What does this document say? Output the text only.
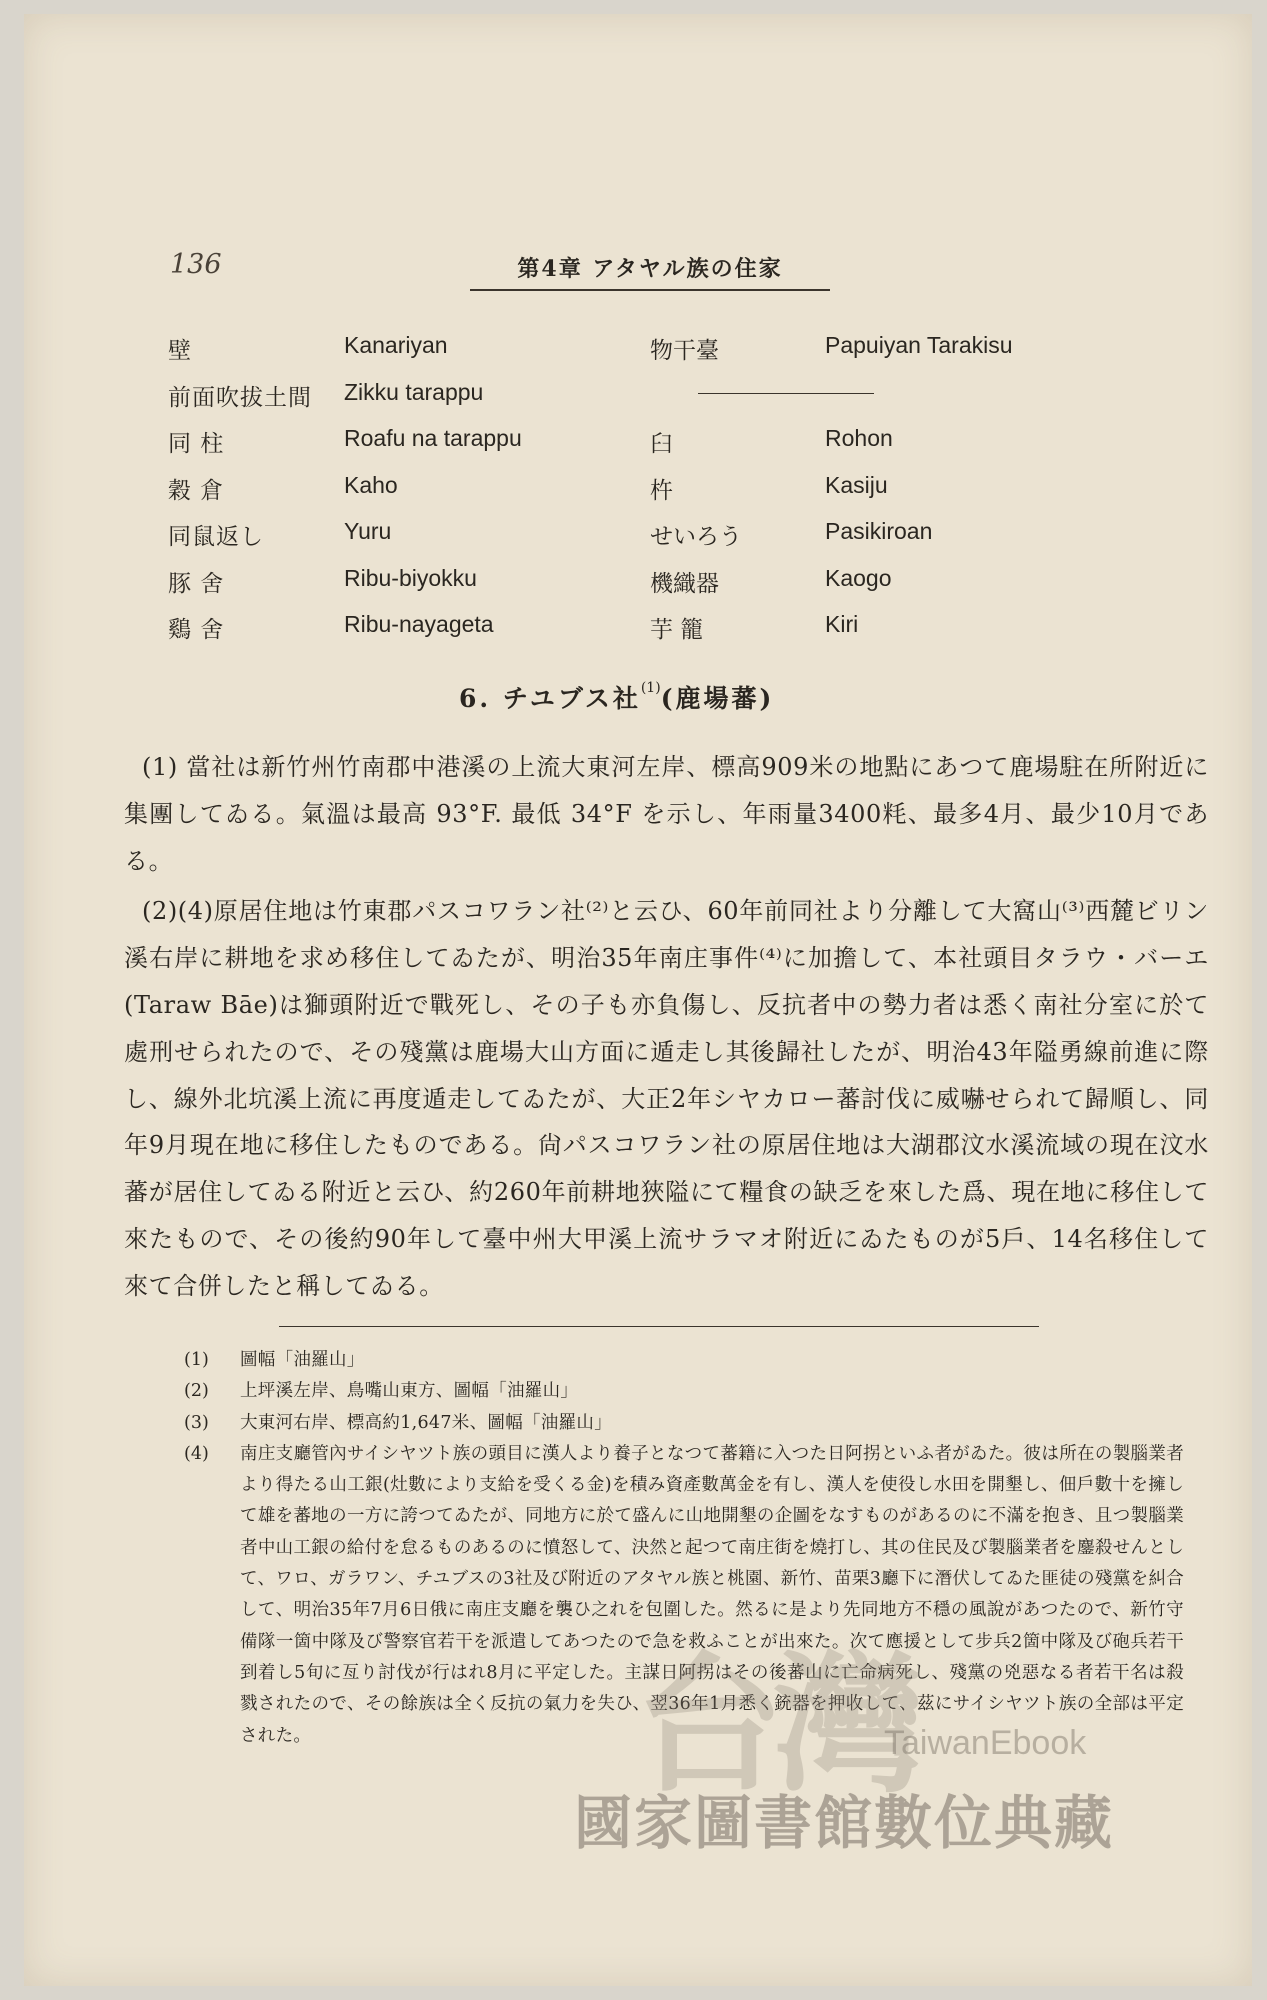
136	第4章 アタヤル族の住家
壁	Kanariyan	物干臺	Papuiyan Tarakisu
前面吹拔土間 Zikku tarappu
同 柱	Roafu na tarappu	臼	Rohon
穀 倉	Kaho	杵	Kasiju
同鼠返し	Yuru	せいろう	Pasikiroan
豚 舍	Ribu-biyokku	機織器	Kaogo
鷄 舍	Ribu-nayageta	芋 籠	Kiri
6. チユブス社$^{(1)}$(鹿場蕃)

(1) 當社は新竹州竹南郡中港溪の上流大東河左岸、標高909米の地點にあつて鹿場駐在所附近に集團してゐる。氣溫は最高 93°F. 最低 34°F を示し、年雨量3400粍、最多4月、最少10月である。

(2)(4)原居住地は竹東郡パスコワラン社⁽²⁾と云ひ、60年前同社より分離して大窩山⁽³⁾西麓ビリン溪右岸に耕地を求め移住してゐたが、明治35年南庄事件⁽⁴⁾に加擔して、本社頭目タラウ・バーエ(Taraw Bāe)は獅頭附近で戰死し、その子も亦負傷し、反抗者中の勢力者は悉く南社分室に於て處刑せられたので、その殘黨は鹿場大山方面に遁走し其後歸社したが、明治43年隘勇線前進に際し、線外北坑溪上流に再度遁走してゐたが、大正2年シヤカロー蕃討伐に威嚇せられて歸順し、同年9月現在地に移住したものである。尙パスコワラン社の原居住地は大湖郡汶水溪流域の現在汶水蕃が居住してゐる附近と云ひ、約260年前耕地狹隘にて糧食の缺乏を來した爲、現在地に移住して來たもので、その後約90年して臺中州大甲溪上流サラマオ附近にゐたものが5戶、14名移住して來て合併したと稱してゐる。

(1) 圖幅「油羅山」
(2) 上坪溪左岸、鳥嘴山東方、圖幅「油羅山」
(3) 大東河右岸、標高約1,647米、圖幅「油羅山」
(4) 南庄支廳管內サイシヤツト族の頭目に漢人より養子となつて蕃籍に入つた日阿拐といふ者がゐた。彼は所在の製腦業者より得たる山工銀(灶數により支給を受くる金)を積み資產數萬金を有し、漢人を使役し水田を開墾し、佃戶數十を擁して雄を蕃地の一方に誇つてゐたが、同地方に於て盛んに山地開墾の企圖をなすものがあるのに不滿を抱き、且つ製腦業者中山工銀の給付を怠るものあるのに憤怒して、決然と起つて南庄街を燒打し、其の住民及び製腦業者を鏖殺せんとして、ワロ、ガラワン、チユブスの3社及び附近のアタヤル族と桃園、新竹、苗栗3廳下に潛伏してゐた匪徒の殘黨を糾合して、明治35年7月6日俄に南庄支廳を襲ひ之れを包圍した。然るに是より先同地方不穩の風說があつたので、新竹守備隊一箇中隊及び警察官若干を派遣してあつたので急を救ふことが出來た。次て應援として步兵2箇中隊及び砲兵若干到着し5旬に亙り討伐が行はれ8月に平定した。主謀日阿拐はその後蕃山に亡命病死し、殘黨の兇惡なる者若干名は殺戮されたので、その餘族は全く反抗の氣力を失ひ、翌36年1月悉く銃器を押收して、茲にサイシヤツト族の全部は平定された。	台灣
TaiwanEbook
國家圖書館數位典藏
